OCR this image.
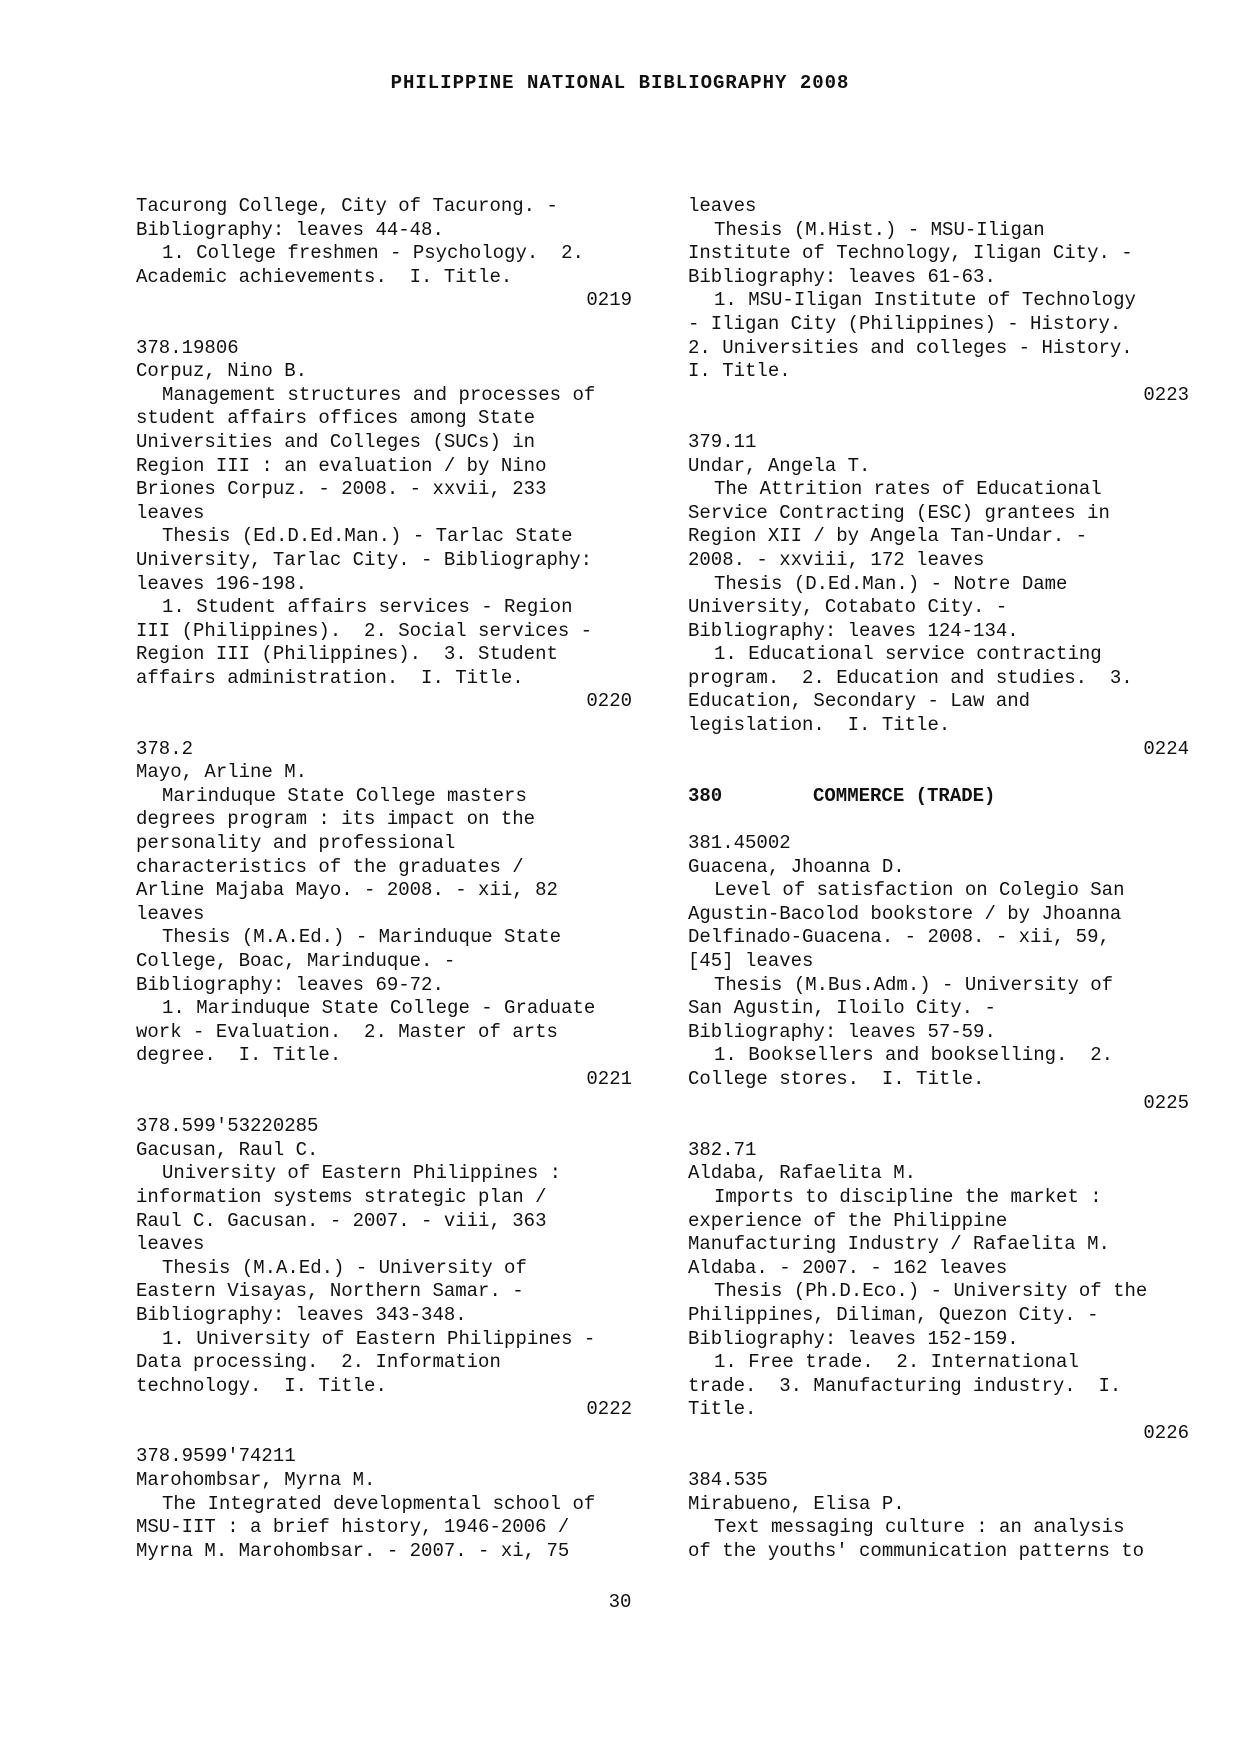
PHILIPPINE NATIONAL BIBLIOGRAPHY 2008
Tacurong College, City of Tacurong. -
Bibliography: leaves 44-48.
1. College freshmen - Psychology.  2.
Academic achievements.  I. Title.
0219
378.19806
Corpuz, Nino B.
Management structures and processes of
student affairs offices among State
Universities and Colleges (SUCs) in
Region III : an evaluation / by Nino
Briones Corpuz. - 2008. - xxvii, 233
leaves
Thesis (Ed.D.Ed.Man.) - Tarlac State
University, Tarlac City. - Bibliography:
leaves 196-198.
1. Student affairs services - Region
III (Philippines).  2. Social services -
Region III (Philippines).  3. Student
affairs administration.  I. Title.
0220
378.2
Mayo, Arline M.
Marinduque State College masters
degrees program : its impact on the
personality and professional
characteristics of the graduates /
Arline Majaba Mayo. - 2008. - xii, 82
leaves
Thesis (M.A.Ed.) - Marinduque State
College, Boac, Marinduque. -
Bibliography: leaves 69-72.
1. Marinduque State College - Graduate
work - Evaluation.  2. Master of arts
degree.  I. Title.
0221
378.599'53220285
Gacusan, Raul C.
University of Eastern Philippines :
information systems strategic plan /
Raul C. Gacusan. - 2007. - viii, 363
leaves
Thesis (M.A.Ed.) - University of
Eastern Visayas, Northern Samar. -
Bibliography: leaves 343-348.
1. University of Eastern Philippines -
Data processing.  2. Information
technology.  I. Title.
0222
378.9599'74211
Marohombsar, Myrna M.
The Integrated developmental school of
MSU-IIT : a brief history, 1946-2006 /
Myrna M. Marohombsar. - 2007. - xi, 75
leaves
Thesis (M.Hist.) - MSU-Iligan
Institute of Technology, Iligan City. -
Bibliography: leaves 61-63.
1. MSU-Iligan Institute of Technology
- Iligan City (Philippines) - History.
2. Universities and colleges - History.
I. Title.
0223
379.11
Undar, Angela T.
The Attrition rates of Educational
Service Contracting (ESC) grantees in
Region XII / by Angela Tan-Undar. -
2008. - xxviii, 172 leaves
Thesis (D.Ed.Man.) - Notre Dame
University, Cotabato City. -
Bibliography: leaves 124-134.
1. Educational service contracting
program.  2. Education and studies.  3.
Education, Secondary - Law and
legislation.  I. Title.
0224
380	COMMERCE (TRADE)
381.45002
Guacena, Jhoanna D.
Level of satisfaction on Colegio San
Agustin-Bacolod bookstore / by Jhoanna
Delfinado-Guacena. - 2008. - xii, 59,
[45] leaves
Thesis (M.Bus.Adm.) - University of
San Agustin, Iloilo City. -
Bibliography: leaves 57-59.
1. Booksellers and bookselling.  2.
College stores.  I. Title.
0225
382.71
Aldaba, Rafaelita M.
Imports to discipline the market :
experience of the Philippine
Manufacturing Industry / Rafaelita M.
Aldaba. - 2007. - 162 leaves
Thesis (Ph.D.Eco.) - University of the
Philippines, Diliman, Quezon City. -
Bibliography: leaves 152-159.
1. Free trade.  2. International
trade.  3. Manufacturing industry.  I.
Title.
0226
384.535
Mirabueno, Elisa P.
Text messaging culture : an analysis
of the youths' communication patterns to
30
